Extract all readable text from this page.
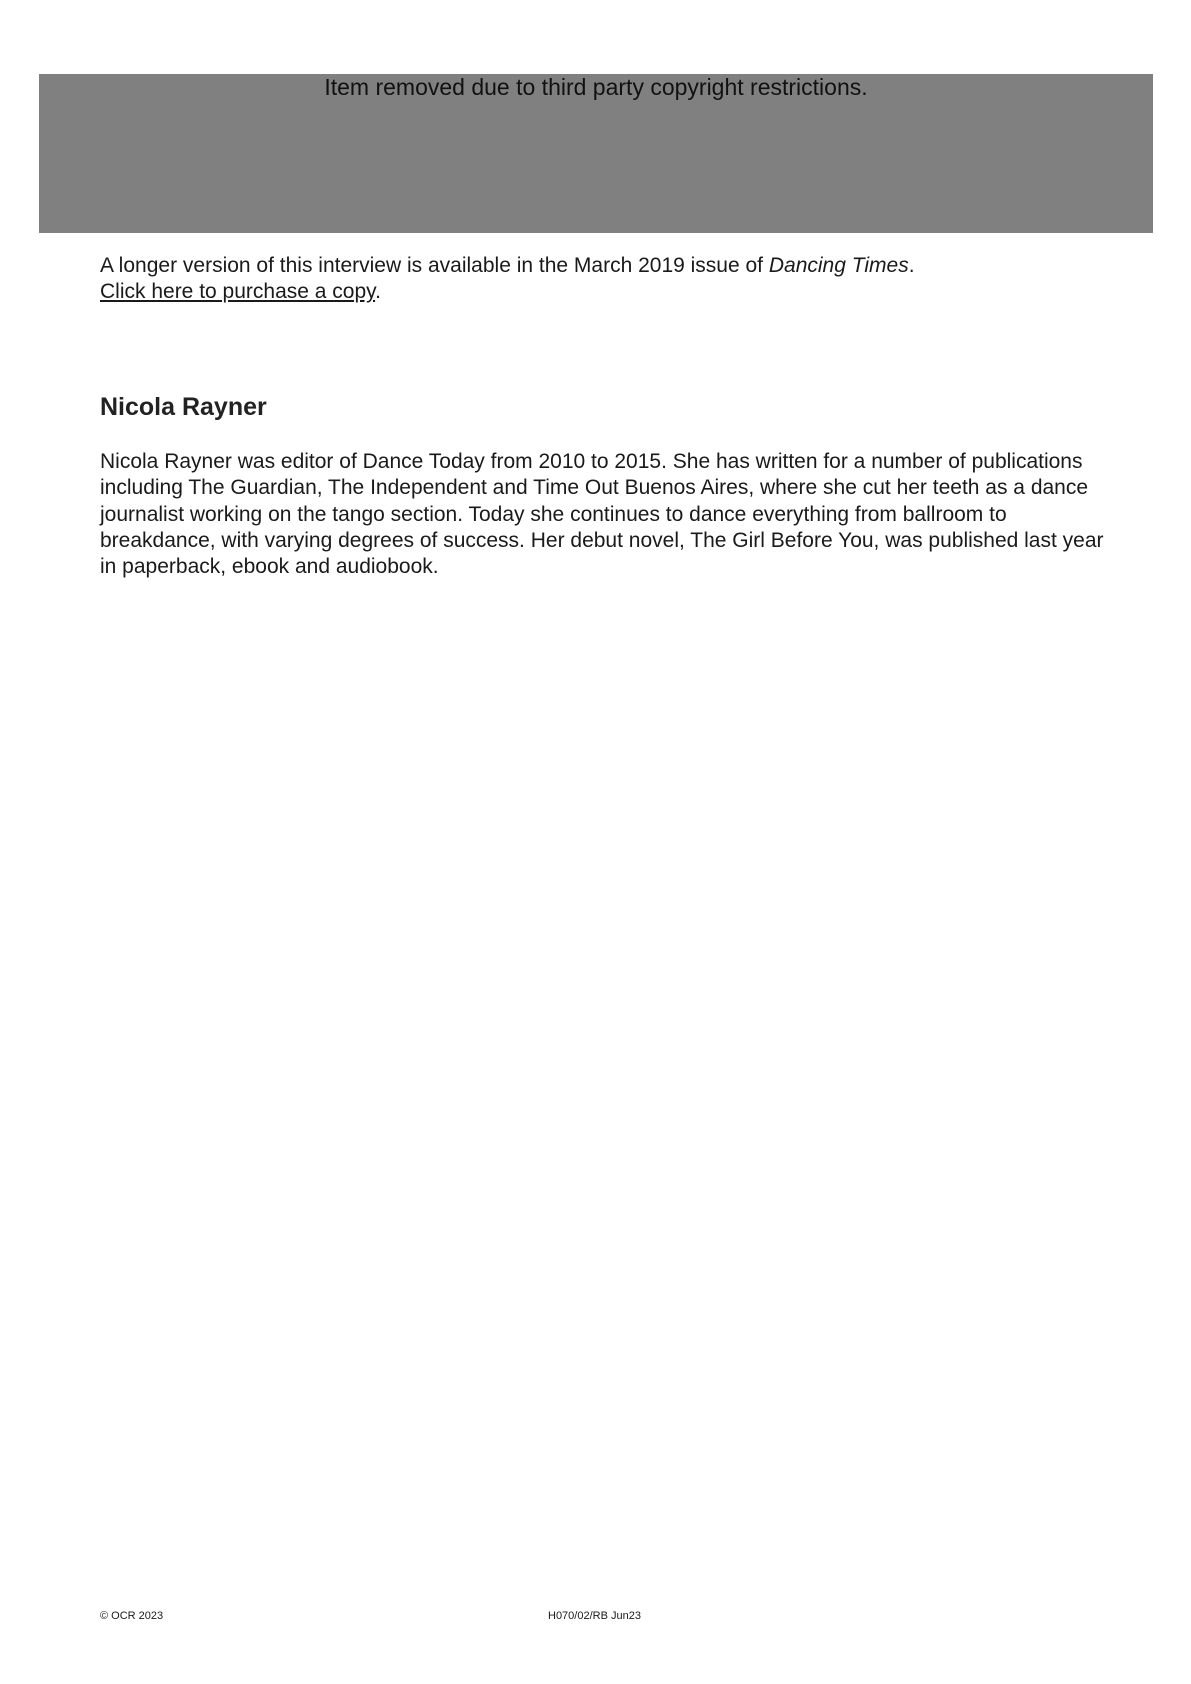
Item removed due to third party copyright restrictions.
A longer version of this interview is available in the March 2019 issue of Dancing Times.
Click here to purchase a copy.
Nicola Rayner

Nicola Rayner was editor of Dance Today from 2010 to 2015. She has written for a number of publications including The Guardian, The Independent and Time Out Buenos Aires, where she cut her teeth as a dance journalist working on the tango section. Today she continues to dance everything from ballroom to breakdance, with varying degrees of success. Her debut novel, The Girl Before You, was published last year in paperback, ebook and audiobook.

© OCR 2023	H070/02/RB Jun23
